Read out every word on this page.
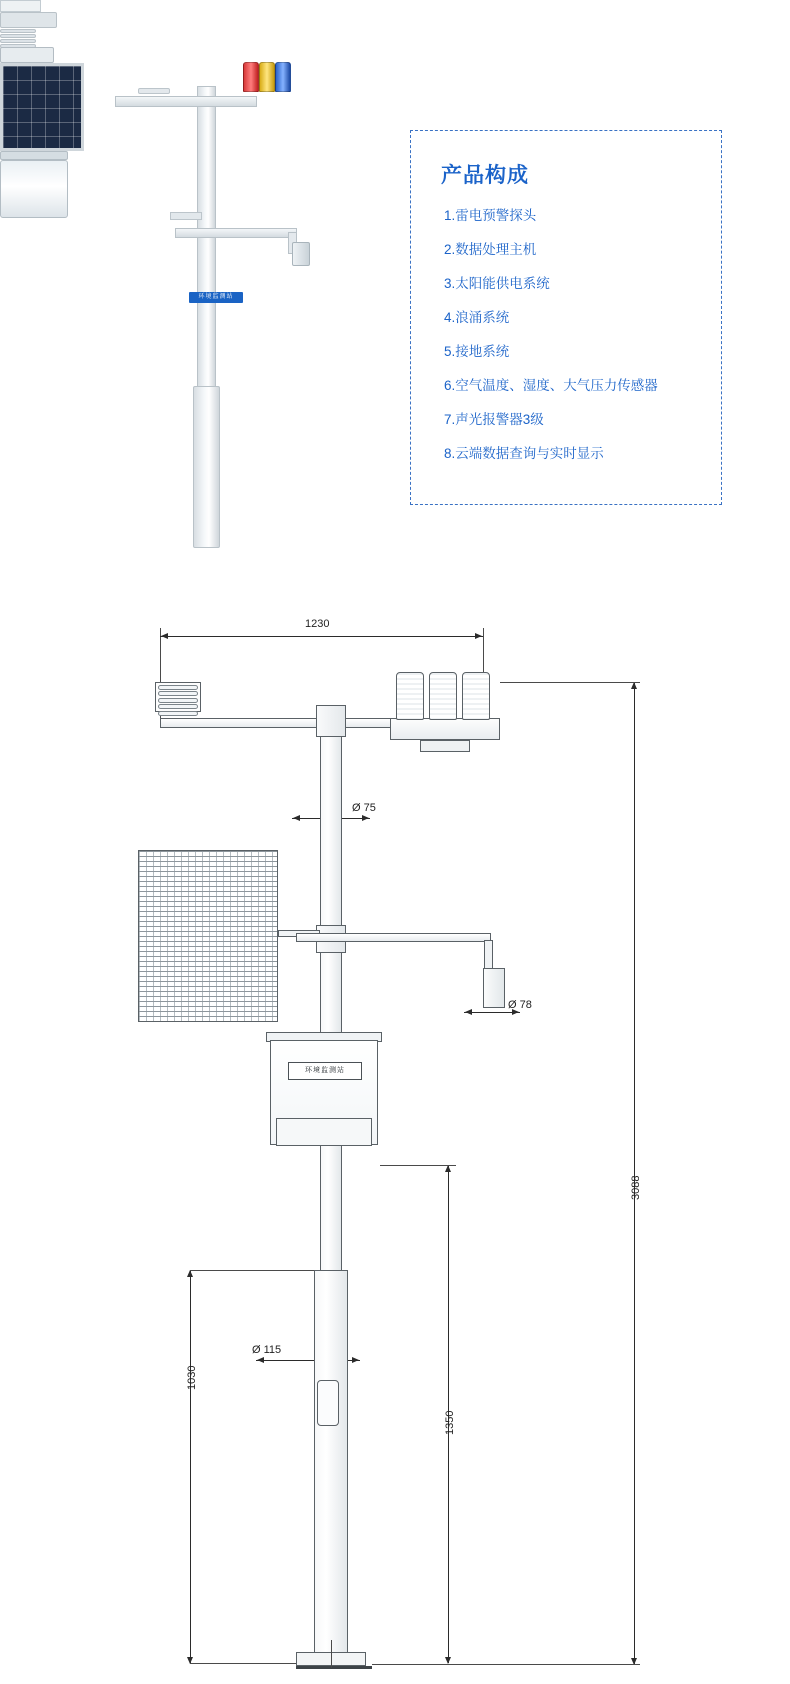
环境监测站
产品构成
1.雷电预警探头
2.数据处理主机
3.太阳能供电系统
4.浪涌系统
5.接地系统
6.空气温度、湿度、大气压力传感器
7.声光报警器3级
8.云端数据查询与实时显示
1230
3088
1350
1030
Ø 75
Ø 78
Ø 115
环境监测站
